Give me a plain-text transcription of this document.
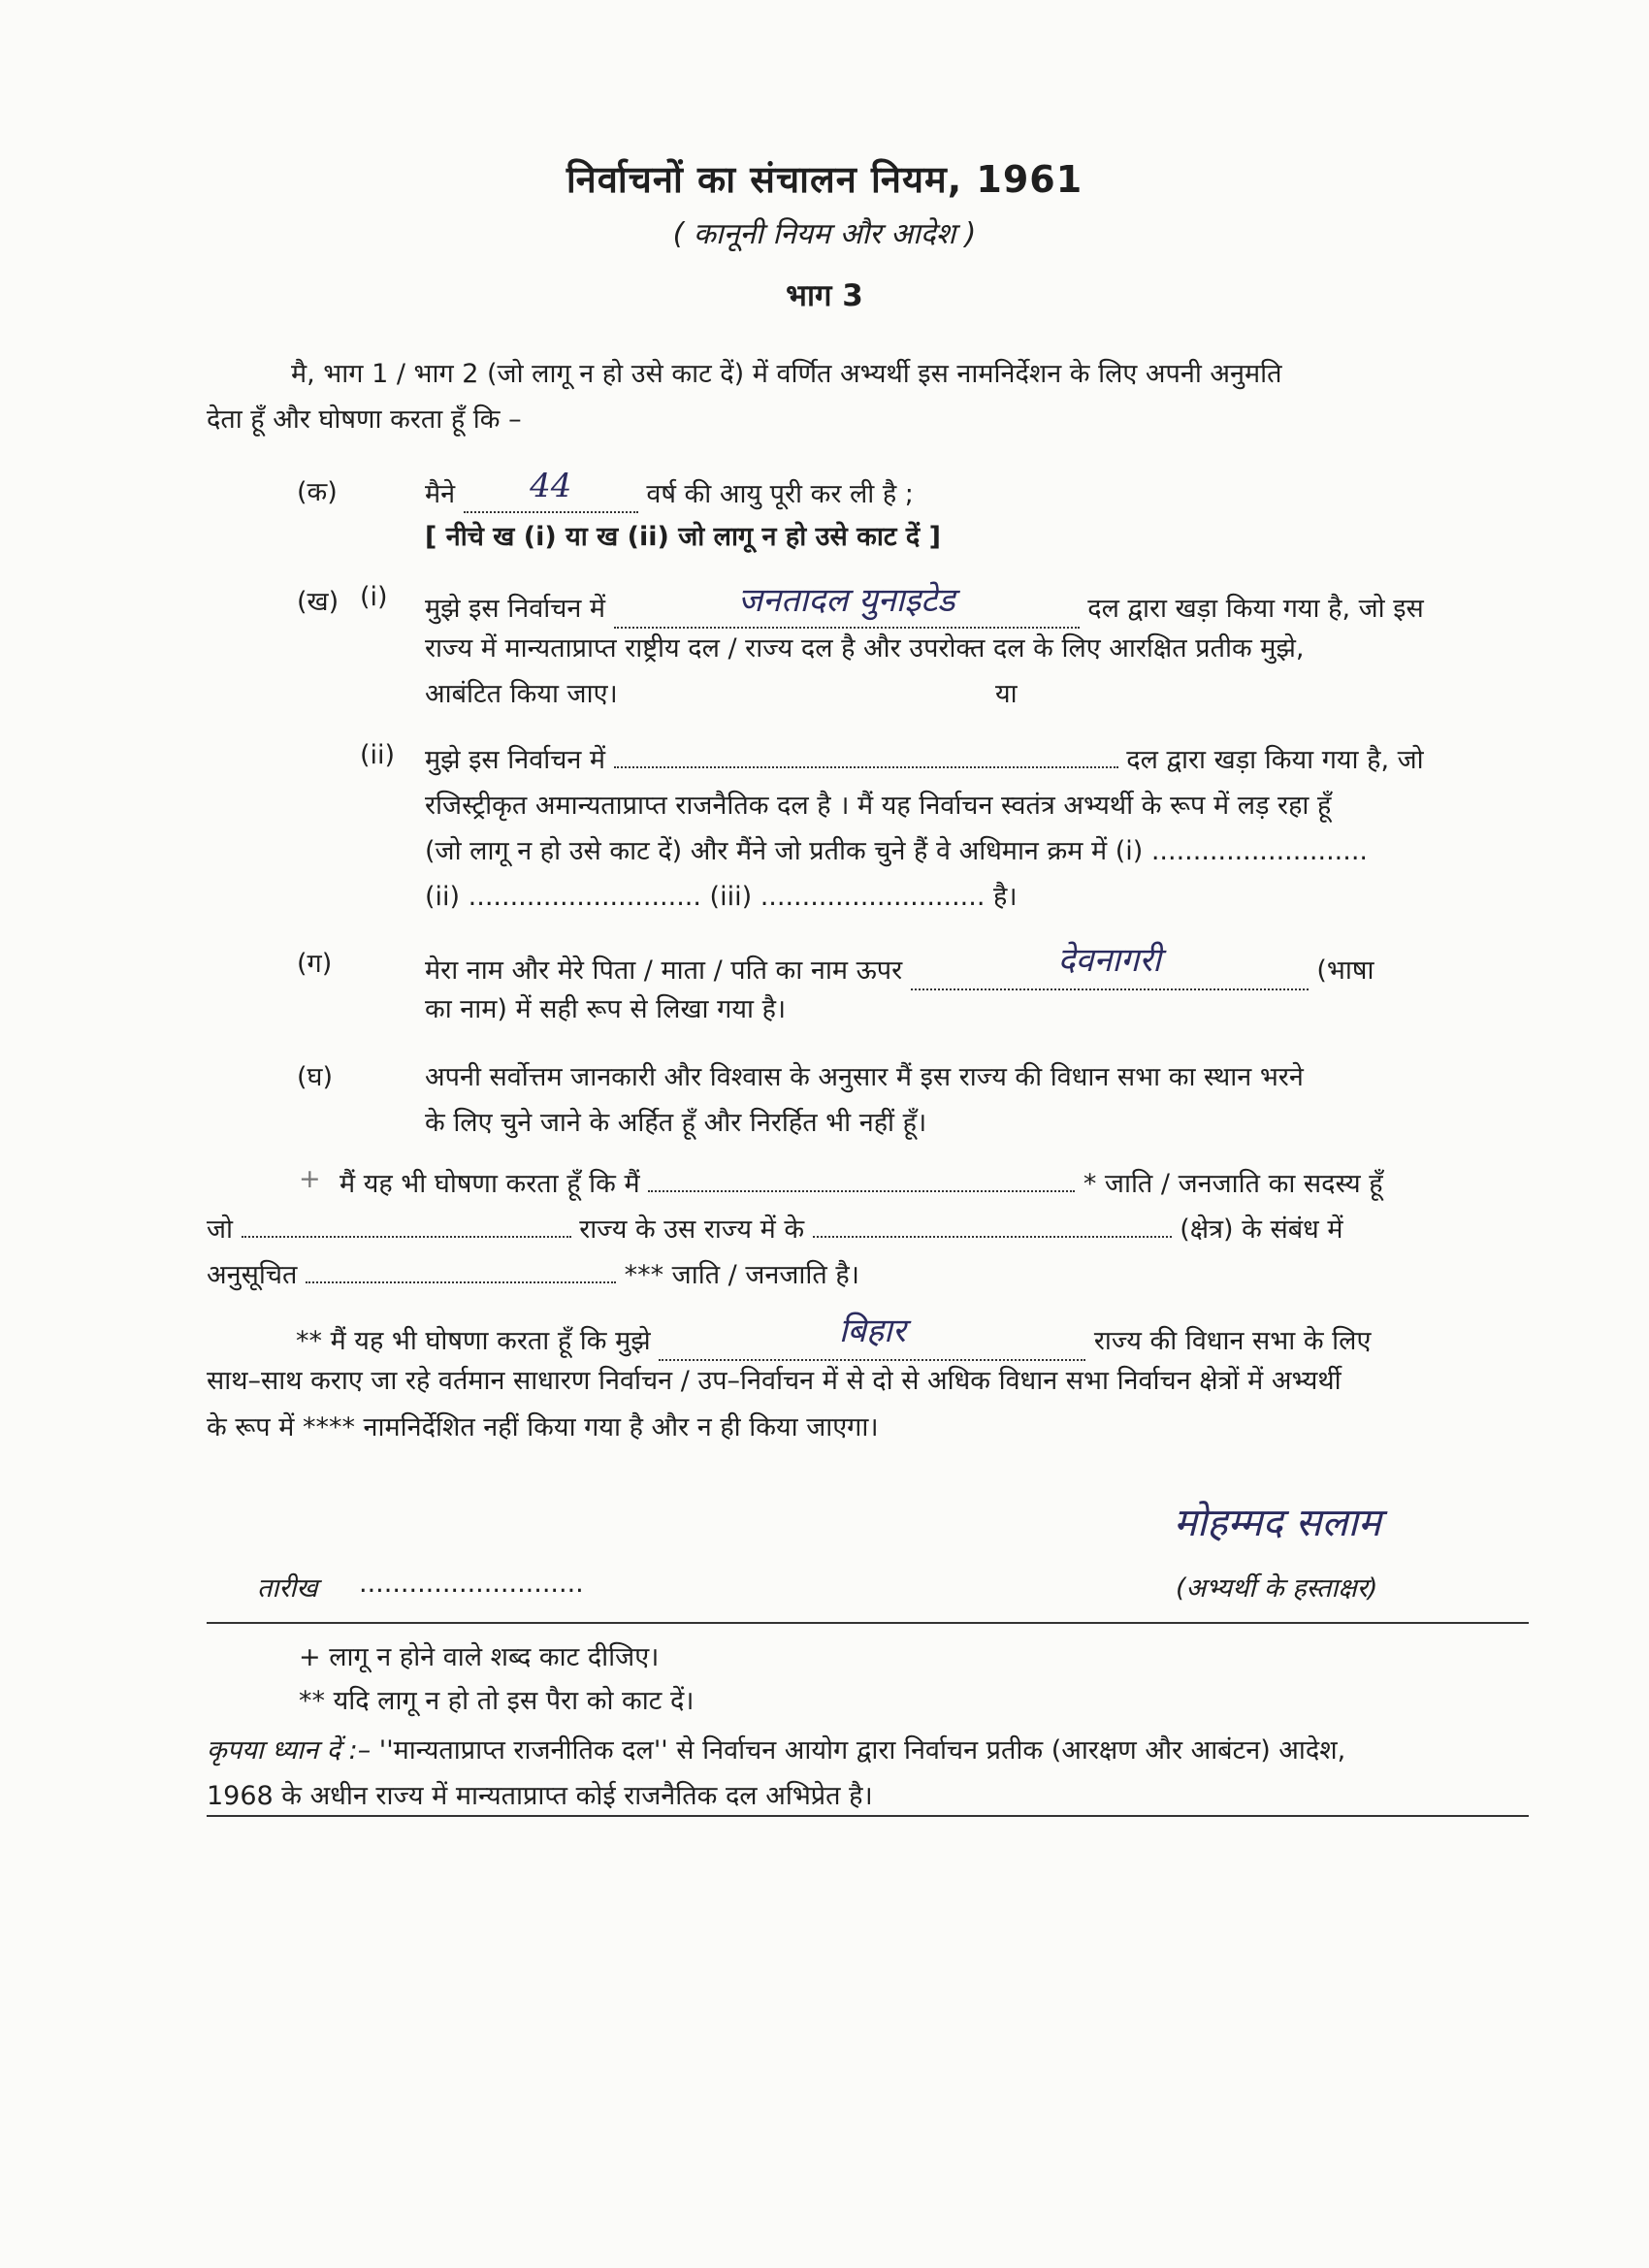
निर्वाचनों का संचालन नियम, 1961
( कानूनी नियम और आदेश )
भाग 3
मै, भाग 1 / भाग 2 (जो लागू न हो उसे काट दें) में वर्णित अभ्यर्थी इस नामनिर्देशन के लिए अपनी अनुमति
देता हूँ और घोषणा करता हूँ कि –
(क)	मैने 44	वर्ष की आयु पूरी कर ली है ;
[ नीचे ख (i) या ख (ii) जो लागू न हो उसे काट दें ]
(ख) (i) मुझे इस निर्वाचन में	जनतादल युनाइटेड	दल द्वारा खड़ा किया गया है, जो इस
राज्य में मान्यताप्राप्त राष्ट्रीय दल / राज्य दल है और उपरोक्त दल के लिए आरक्षित प्रतीक मुझे,
आबंटित किया जाए।	या
(ii) मुझे इस निर्वाचन में	दल द्वारा खड़ा किया गया है, जो
रजिस्ट्रीकृत अमान्यताप्राप्त राजनैतिक दल है । मैं यह निर्वाचन स्वतंत्र अभ्यर्थी के रूप में लड़ रहा हूँ
(जो लागू न हो उसे काट दें) और मैंने जो प्रतीक चुने हैं वे अधिमान क्रम में (i) ..........................
(ii) ............................ (iii) ........................... है।
(ग)	मेरा नाम और मेरे पिता / माता / पति का नाम ऊपर	देवनागरी	(भाषा
का नाम) में सही रूप से लिखा गया है।
(घ)	अपनी सर्वोत्तम जानकारी और विश्वास के अनुसार मैं इस राज्य की विधान सभा का स्थान भरने
के लिए चुने जाने के अर्हित हूँ और निरर्हित भी नहीं हूँ।
+ मैं यह भी घोषणा करता हूँ कि मैं	* जाति / जनजाति का सदस्य हूँ
जो	राज्य के उस राज्य में के	(क्षेत्र) के संबंध में
अनुसूचित	*** जाति / जनजाति है।
** मैं यह भी घोषणा करता हूँ कि मुझे	बिहार	राज्य की विधान सभा के लिए
साथ–साथ कराए जा रहे वर्तमान साधारण निर्वाचन / उप–निर्वाचन में से दो से अधिक विधान सभा निर्वाचन क्षेत्रों में अभ्यर्थी
के रूप में **** नामनिर्देशित नहीं किया गया है और न ही किया जाएगा।
मोहम्मद सलाम
तारीख ...........................	(अभ्यर्थी के हस्ताक्षर)
+ लागू न होने वाले शब्द काट दीजिए।
** यदि लागू न हो तो इस पैरा को काट दें।
कृपया ध्यान दें :– ''मान्यताप्राप्त राजनीतिक दल'' से निर्वाचन आयोग द्वारा निर्वाचन प्रतीक (आरक्षण और आबंटन) आदेश,
1968 के अधीन राज्य में मान्यताप्राप्त कोई राजनैतिक दल अभिप्रेत है।
